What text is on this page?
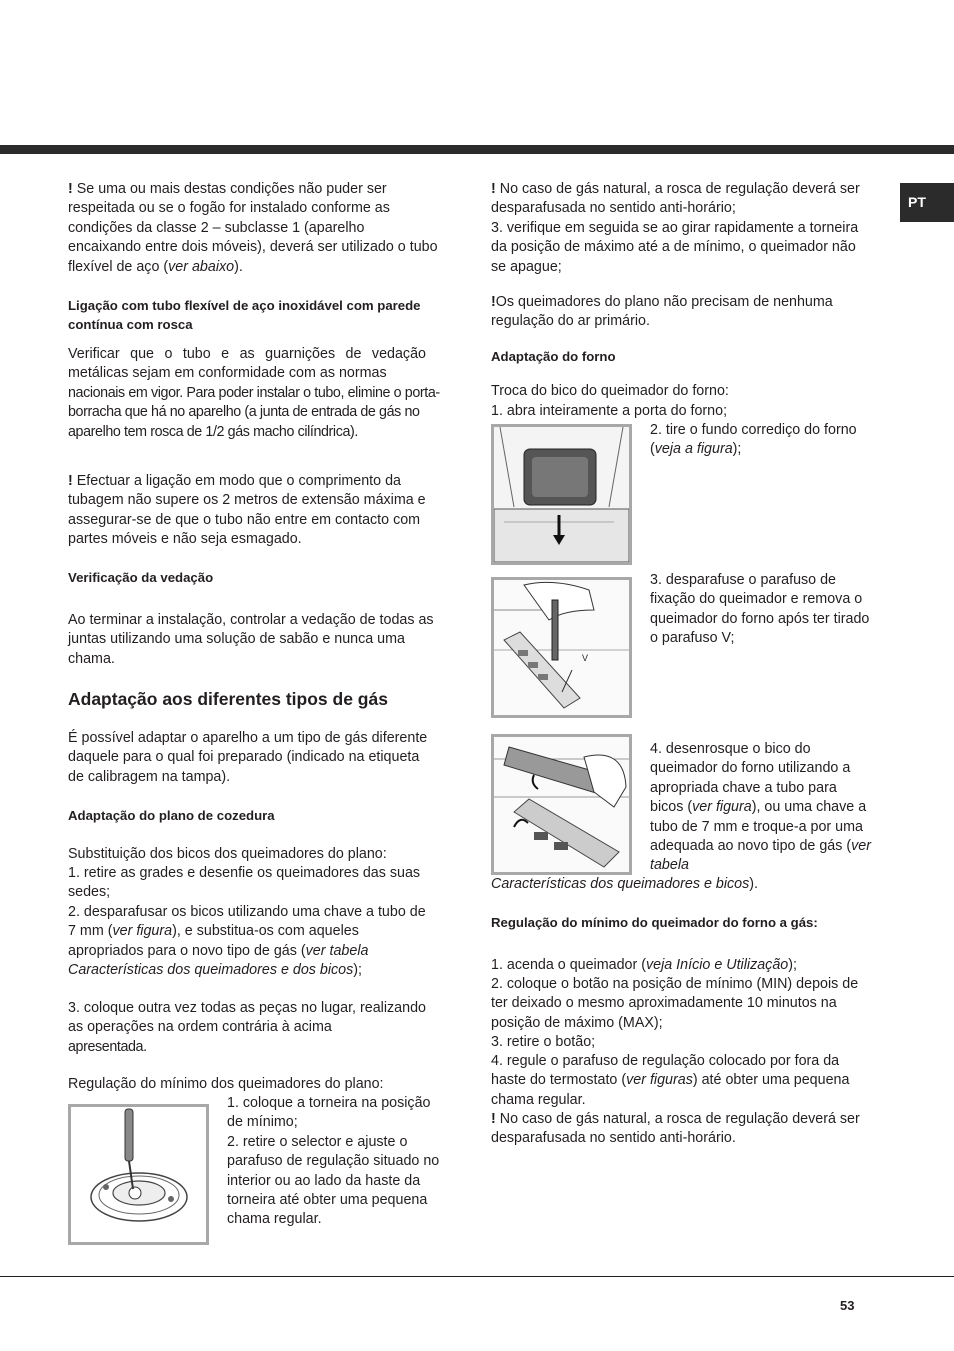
PT

! Se uma ou mais destas condições não puder ser respeitada ou se o fogão for instalado conforme as condições da classe 2 – subclasse 1 (aparelho encaixando entre dois móveis), deverá ser utilizado o tubo flexível de aço (ver abaixo).

Ligação com tubo flexível de aço inoxidável com parede contínua com rosca

Verificar que o tubo e as guarnições de vedação metálicas sejam em conformidade com as normas

nacionais em vigor. Para poder instalar o tubo, elimine o porta-borracha que há no aparelho (a junta de entrada de gás no aparelho tem rosca de 1/2 gás macho cilíndrica).

! Efectuar a ligação em modo que o comprimento da tubagem não supere os 2 metros de extensão máxima e assegurar-se de que o tubo não entre em contacto com partes móveis e não seja esmagado.

Verificação da vedação

Ao terminar a instalação, controlar a vedação de todas as juntas utilizando uma solução de sabão e nunca uma chama.

Adaptação aos diferentes tipos de gás

É possível adaptar o aparelho a um tipo de gás diferente daquele para o qual foi preparado (indicado na etiqueta de calibragem na tampa).

Adaptação do plano de cozedura

Substituição dos bicos dos queimadores do plano:

1. retire as grades e desenfie os queimadores das suas sedes;

2. desparafusar os bicos utilizando uma chave a tubo de 7 mm (ver figura), e substitua-os com aqueles apropriados para o novo tipo de gás (ver tabela Características dos queimadores e dos bicos);

3. coloque outra vez todas as peças no lugar, realizando as operações na ordem contrária à acima

apresentada.

Regulação do mínimo dos queimadores do plano:

1. coloque a torneira na posição de mínimo;
2. retire o selector e ajuste o parafuso de regulação situado no interior ou ao lado da haste da torneira até obter uma pequena chama regular.

! No caso de gás natural, a rosca de regulação deverá ser desparafusada no sentido anti-horário;

3. verifique em seguida se ao girar rapidamente a torneira da posição de máximo até a de mínimo, o queimador não se apague;

!Os queimadores do plano não precisam de nenhuma regulação do ar primário.

Adaptação do forno

Troca do bico do queimador do forno:

1. abra inteiramente a porta do forno;

2. tire o fundo corrediço do forno (veja a figura);

V

3. desparafuse o parafuso de fixação do queimador e remova o queimador do forno após ter tirado o parafuso V;

4. desenrosque o bico do queimador do forno utilizando a apropriada chave a tubo para bicos (ver figura), ou uma chave a tubo de 7 mm e troque-a por uma adequada ao novo tipo de gás (ver tabela

Características dos queimadores e bicos).

Regulação do mínimo do queimador do forno a gás:

1. acenda o queimador (veja Início e Utilização);

2. coloque o botão na posição de mínimo (MIN) depois de ter deixado o mesmo aproximadamente 10 minutos na posição de máximo (MAX);

3. retire o botão;

4. regule o parafuso de regulação colocado por fora da haste do termostato (ver figuras) até obter uma pequena chama regular.

! No caso de gás natural, a rosca de regulação deverá ser desparafusada no sentido anti-horário.

53
